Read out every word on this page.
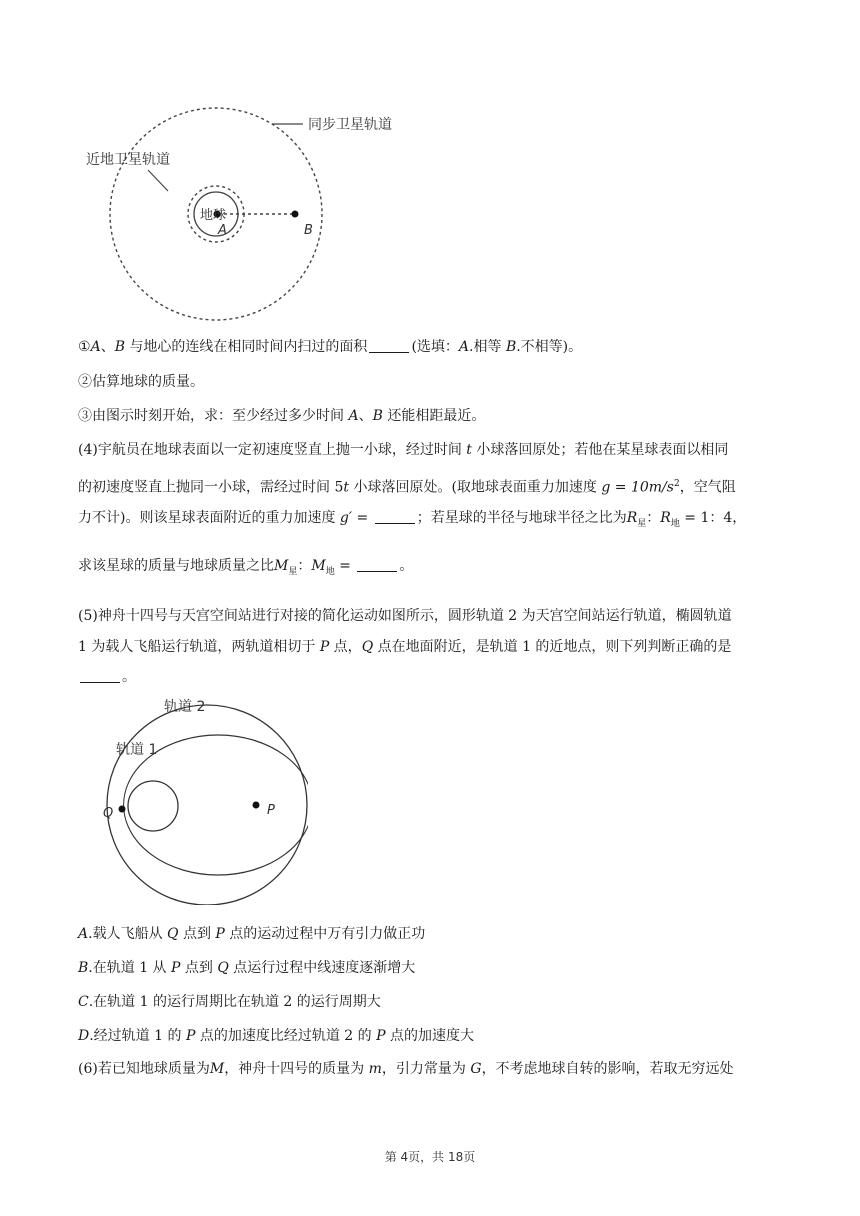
同步卫星轨道
近地卫星轨道
地球
A	B
①A、B 与地心的连线在相同时间内扫过的面积	(选填：A.相等 B.不相等)。
②估算地球的质量。
③由图示时刻开始，求：至少经过多少时间 A、B 还能相距最近。
(4)宇航员在地球表面以一定初速度竖直上抛一小球，经过时间 t 小球落回原处；若他在某星球表面以相同
的初速度竖直上抛同一小球，需经过时间 5t 小球落回原处。(取地球表面重力加速度 $g = 10m/s^2$，空气阻
力不计)。则该星球表面附近的重力加速度 g′ =	；若星球的半径与地球半径之比为$R_星$：$R_地 = 1$：4，
求该星球的质量与地球质量之比$M_星$：$M_地$ =	。
(5)神舟十四号与天宫空间站进行对接的简化运动如图所示，圆形轨道 2 为天宫空间站运行轨道，椭圆轨道
1 为载人飞船运行轨道，两轨道相切于 P 点，Q 点在地面附近，是轨道 1 的近地点，则下列判断正确的是
。
轨道 2
轨道 1
Q	P
A.载人飞船从 Q 点到 P 点的运动过程中万有引力做正功
B.在轨道 1 从 P 点到 Q 点运行过程中线速度逐渐增大
C.在轨道 1 的运行周期比在轨道 2 的运行周期大
D.经过轨道 1 的 P 点的加速度比经过轨道 2 的 P 点的加速度大
(6)若已知地球质量为M，神舟十四号的质量为 m，引力常量为 G，不考虑地球自转的影响，若取无穷远处
第 4页，共 18页
